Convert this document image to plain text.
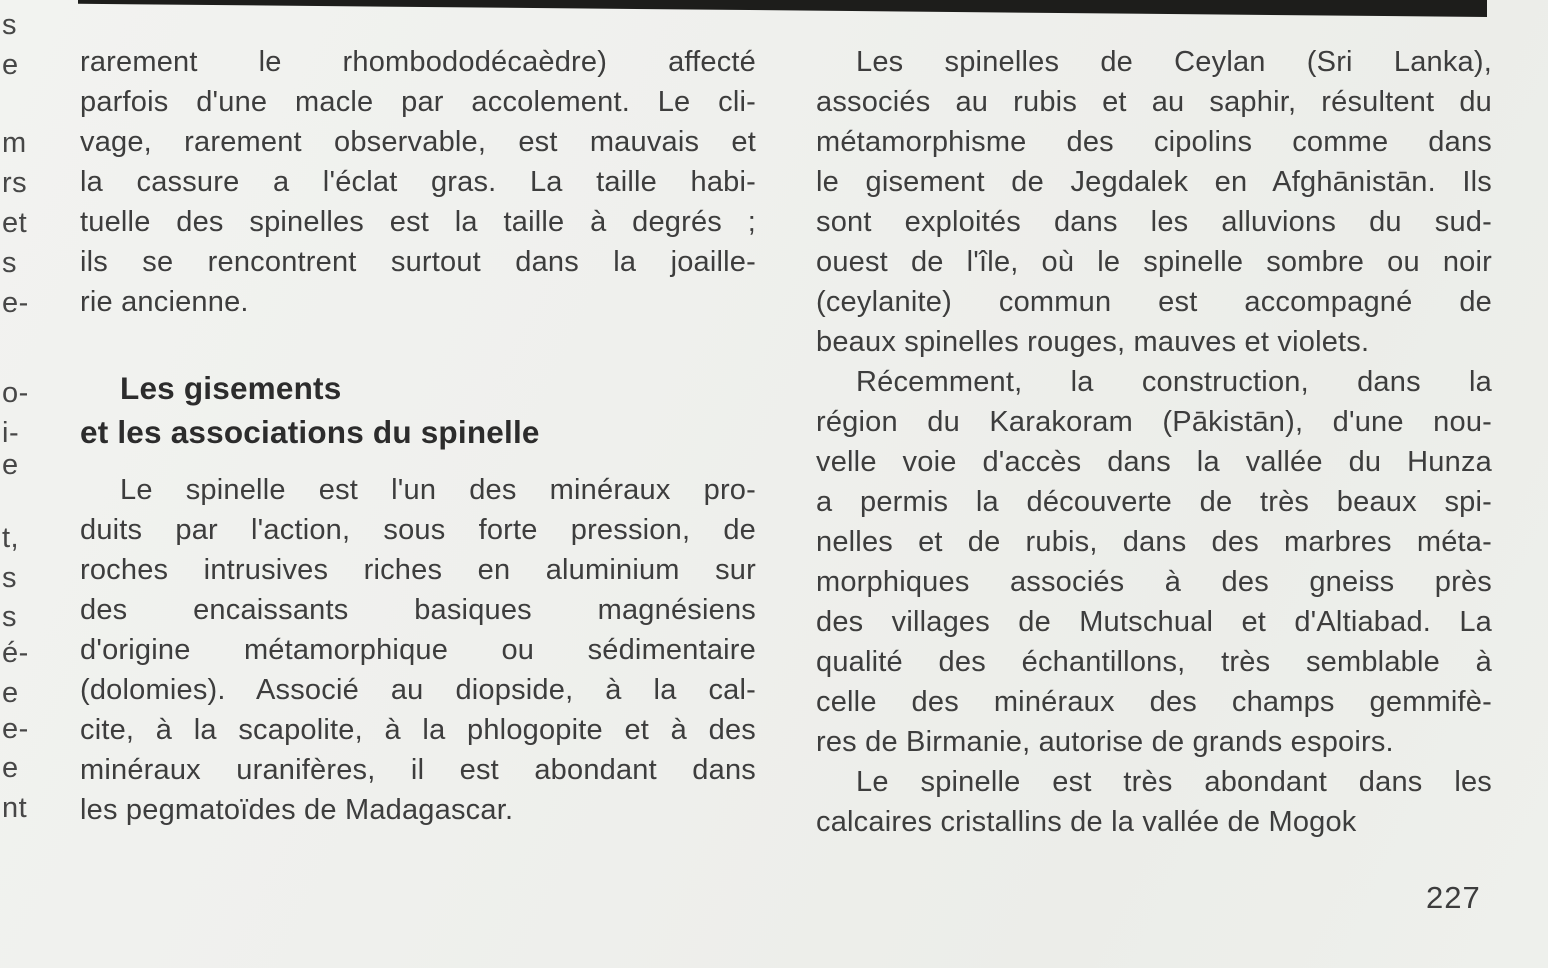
s
e
m
rs
et
s
e-
o-
i-
e
t,
s
s
é-
e
e-
e
nt
rarement le rhombododécaèdre) affecté
parfois d'une macle par accolement. Le cli-
vage, rarement observable, est mauvais et
la cassure a l'éclat gras. La taille habi-
tuelle des spinelles est la taille à degrés ;
ils se rencontrent surtout dans la joaille-
rie ancienne.
Les gisements
et les associations du spinelle
Le spinelle est l'un des minéraux pro-
duits par l'action, sous forte pression, de
roches intrusives riches en aluminium sur
des encaissants basiques magnésiens
d'origine métamorphique ou sédimentaire
(dolomies). Associé au diopside, à la cal-
cite, à la scapolite, à la phlogopite et à des
minéraux uranifères, il est abondant dans
les pegmatoïdes de Madagascar.
Les spinelles de Ceylan (Sri Lanka),
associés au rubis et au saphir, résultent du
métamorphisme des cipolins comme dans
le gisement de Jegdalek en Afghānistān. Ils
sont exploités dans les alluvions du sud-
ouest de l'île, où le spinelle sombre ou noir
(ceylanite) commun est accompagné de
beaux spinelles rouges, mauves et violets.
Récemment, la construction, dans la
région du Karakoram (Pākistān), d'une nou-
velle voie d'accès dans la vallée du Hunza
a permis la découverte de très beaux spi-
nelles et de rubis, dans des marbres méta-
morphiques associés à des gneiss près
des villages de Mutschual et d'Altiabad. La
qualité des échantillons, très semblable à
celle des minéraux des champs gemmifè-
res de Birmanie, autorise de grands espoirs.
Le spinelle est très abondant dans les
calcaires cristallins de la vallée de Mogok
227
